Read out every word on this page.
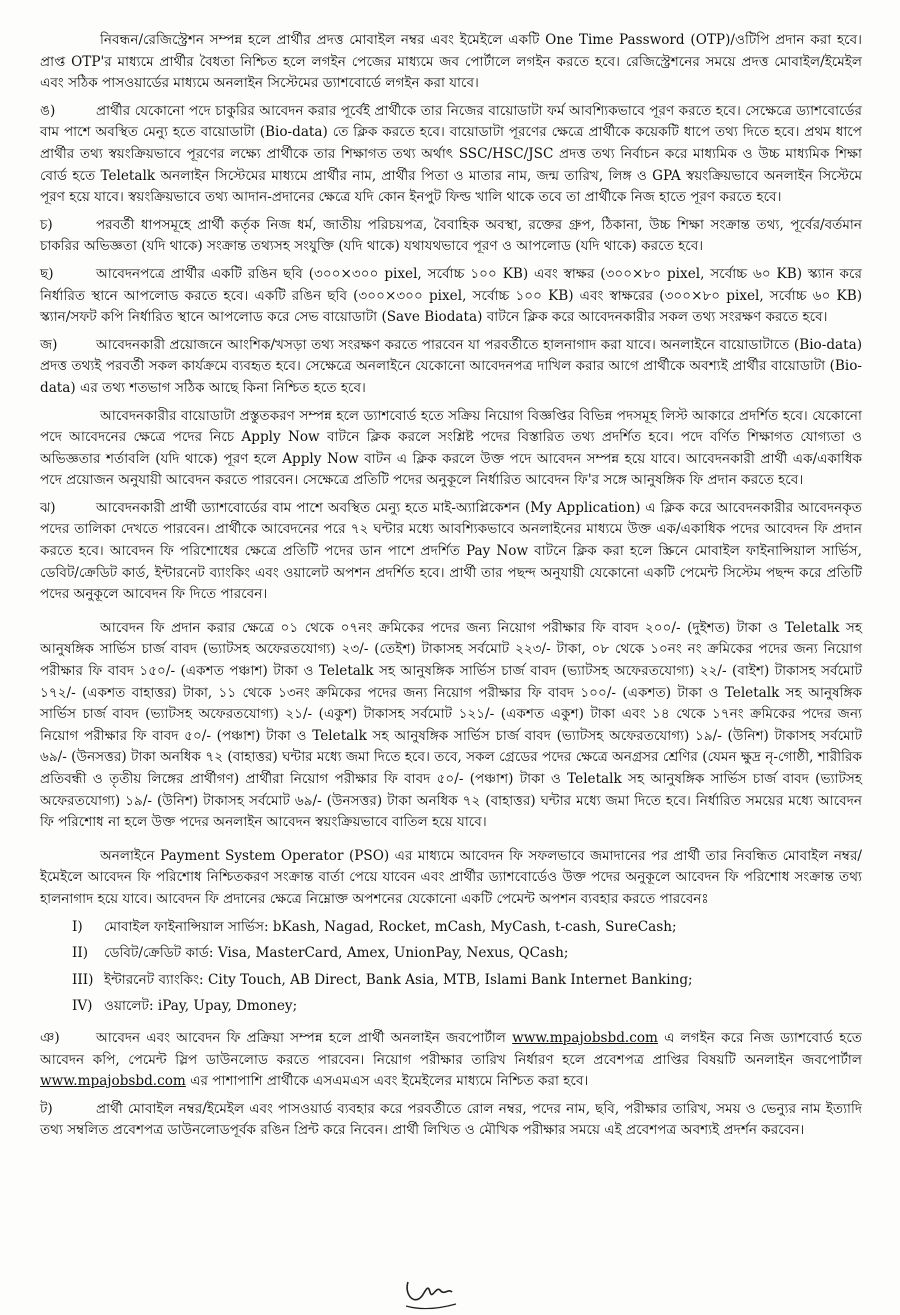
নিবন্ধন/রেজিস্ট্রেশন সম্পন্ন হলে প্রার্থীর প্রদত্ত মোবাইল নম্বর এবং ইমেইলে একটি One Time Password (OTP)/ওটিপি প্রদান করা হবে। প্রাপ্ত OTP'র মাধ্যমে প্রার্থীর বৈধতা নিশ্চিত হলে লগইন পেজের মাধ্যমে জব পোর্টালে লগইন করতে হবে। রেজিস্ট্রেশনের সময়ে প্রদত্ত মোবাইল/ইমেইল এবং সঠিক পাসওয়ার্ডের মাধ্যমে অনলাইন সিস্টেমের ড্যাশবোর্ডে লগইন করা যাবে।

ঙ)	প্রার্থীর যেকোনো পদে চাকুরির আবেদন করার পূর্বেই প্রার্থীকে তার নিজের বায়োডাটা ফর্ম আবশ্যিকভাবে পূরণ করতে হবে। সেক্ষেত্রে ড্যাশবোর্ডের বাম পাশে অবস্থিত মেন্যু হতে বায়োডাটা (Bio-data) তে ক্লিক করতে হবে। বায়োডাটা পূরণের ক্ষেত্রে প্রার্থীকে কয়েকটি ধাপে তথ্য দিতে হবে। প্রথম ধাপে প্রার্থীর তথ্য স্বয়ংক্রিয়ভাবে পূরণের লক্ষ্যে প্রার্থীকে তার শিক্ষাগত তথ্য অর্থাৎ SSC/HSC/JSC প্রদত্ত তথ্য নির্বাচন করে মাধ্যমিক ও উচ্চ মাধ্যমিক শিক্ষা বোর্ড হতে Teletalk অনলাইন সিস্টেমের মাধ্যমে প্রার্থীর নাম, প্রার্থীর পিতা ও মাতার নাম, জন্ম তারিখ, লিঙ্গ ও GPA স্বয়ংক্রিয়ভাবে অনলাইন সিস্টেমে পূরণ হয়ে যাবে। স্বয়ংক্রিয়ভাবে তথ্য আদান-প্রদানের ক্ষেত্রে যদি কোন ইনপুট ফিল্ড খালি থাকে তবে তা প্রার্থীকে নিজ হাতে পূরণ করতে হবে।

চ)	পরবর্তী ধাপসমূহে প্রার্থী কর্তৃক নিজ ধর্ম, জাতীয় পরিচয়পত্র, বৈবাহিক অবস্থা, রক্তের গ্রুপ, ঠিকানা, উচ্চ শিক্ষা সংক্রান্ত তথ্য, পূর্বের/বর্তমান চাকরির অভিজ্ঞতা (যদি থাকে) সংক্রান্ত তথ্যসহ সংযুক্তি (যদি থাকে) যথাযথভাবে পূরণ ও আপলোড (যদি থাকে) করতে হবে।

ছ)	আবেদনপত্রে প্রার্থীর একটি রঙিন ছবি (৩০০×৩০০ pixel, সর্বোচ্চ ১০০ KB) এবং স্বাক্ষর (৩০০×৮০ pixel, সর্বোচ্চ ৬০ KB) স্ক্যান করে নির্ধারিত স্থানে আপলোড করতে হবে। একটি রঙিন ছবি (৩০০×৩০০ pixel, সর্বোচ্চ ১০০ KB) এবং স্বাক্ষরের (৩০০×৮০ pixel, সর্বোচ্চ ৬০ KB) স্ক্যান/সফট কপি নির্ধারিত স্থানে আপলোড করে সেভ বায়োডাটা (Save Biodata) বাটনে ক্লিক করে আবেদনকারীর সকল তথ্য সংরক্ষণ করতে হবে।

জ)	আবেদনকারী প্রয়োজনে আংশিক/খসড়া তথ্য সংরক্ষণ করতে পারবেন যা পরবর্তীতে হালনাগাদ করা যাবে। অনলাইনে বায়োডাটাতে (Bio-data) প্রদত্ত তথ্যই পরবর্তী সকল কার্যক্রমে ব্যবহৃত হবে। সেক্ষেত্রে অনলাইনে যেকোনো আবেদনপত্র দাখিল করার আগে প্রার্থীকে অবশ্যই প্রার্থীর বায়োডাটা (Bio-data) এর তথ্য শতভাগ সঠিক আছে কিনা নিশ্চিত হতে হবে।

আবেদনকারীর বায়োডাটা প্রস্তুতকরণ সম্পন্ন হলে ড্যাশবোর্ড হতে সক্রিয় নিয়োগ বিজ্ঞপ্তির বিভিন্ন পদসমূহ লিস্ট আকারে প্রদর্শিত হবে। যেকোনো পদে আবেদনের ক্ষেত্রে পদের নিচে Apply Now বাটনে ক্লিক করলে সংশ্লিষ্ট পদের বিস্তারিত তথ্য প্রদর্শিত হবে। পদে বর্ণিত শিক্ষাগত যোগ্যতা ও অভিজ্ঞতার শর্তাবলি (যদি থাকে) পূরণ হলে Apply Now বাটন এ ক্লিক করলে উক্ত পদে আবেদন সম্পন্ন হয়ে যাবে। আবেদনকারী প্রার্থী এক/একাধিক পদে প্রয়োজন অনুযায়ী আবেদন করতে পারবেন। সেক্ষেত্রে প্রতিটি পদের অনুকূলে নির্ধারিত আবেদন ফি'র সঙ্গে আনুষঙ্গিক ফি প্রদান করতে হবে।

ঝ)	আবেদনকারী প্রার্থী ড্যাশবোর্ডের বাম পাশে অবস্থিত মেন্যু হতে মাই-অ্যাপ্লিকেশন (My Application) এ ক্লিক করে আবেদনকারীর আবেদনকৃত পদের তালিকা দেখতে পারবেন। প্রার্থীকে আবেদনের পরে ৭২ ঘন্টার মধ্যে আবশ্যিকভাবে অনলাইনের মাধ্যমে উক্ত এক/একাধিক পদের আবেদন ফি প্রদান করতে হবে। আবেদন ফি পরিশোধের ক্ষেত্রে প্রতিটি পদের ডান পাশে প্রদর্শিত Pay Now বাটনে ক্লিক করা হলে স্ক্রিনে মোবাইল ফাইনান্সিয়াল সার্ভিস, ডেবিট/ক্রেডিট কার্ড, ইন্টারনেট ব্যাংকিং এবং ওয়ালেট অপশন প্রদর্শিত হবে। প্রার্থী তার পছন্দ অনুযায়ী যেকোনো একটি পেমেন্ট সিস্টেম পছন্দ করে প্রতিটি পদের অনুকূলে আবেদন ফি দিতে পারবেন।

আবেদন ফি প্রদান করার ক্ষেত্রে ০১ থেকে ০৭নং ক্রমিকের পদের জন্য নিয়োগ পরীক্ষার ফি বাবদ ২০০/- (দুইশত) টাকা ও Teletalk সহ আনুষঙ্গিক সার্ভিস চার্জ বাবদ (ভ্যাটসহ অফেরতযোগ্য) ২৩/- (তেইশ) টাকাসহ সর্বমোট ২২৩/- টাকা, ০৮ থেকে ১০নং নং ক্রমিকের পদের জন্য নিয়োগ পরীক্ষার ফি বাবদ ১৫০/- (একশত পঞ্চাশ) টাকা ও Teletalk সহ আনুষঙ্গিক সার্ভিস চার্জ বাবদ (ভ্যাটসহ অফেরতযোগ্য) ২২/- (বাইশ) টাকাসহ সর্বমোট ১৭২/- (একশত বাহাত্তর) টাকা, ১১ থেকে ১৩নং ক্রমিকের পদের জন্য নিয়োগ পরীক্ষার ফি বাবদ ১০০/- (একশত) টাকা ও Teletalk সহ আনুষঙ্গিক সার্ভিস চার্জ বাবদ (ভ্যাটসহ অফেরতযোগ্য) ২১/- (একুশ) টাকাসহ সর্বমোট ১২১/- (একশত একুশ) টাকা এবং ১৪ থেকে ১৭নং ক্রমিকের পদের জন্য নিয়োগ পরীক্ষার ফি বাবদ ৫০/- (পঞ্চাশ) টাকা ও Teletalk সহ আনুষঙ্গিক সার্ভিস চার্জ বাবদ (ভ্যাটসহ অফেরতযোগ্য) ১৯/- (উনিশ) টাকাসহ সর্বমোট ৬৯/- (উনসত্তর) টাকা অনধিক ৭২ (বাহাত্তর) ঘন্টার মধ্যে জমা দিতে হবে। তবে, সকল গ্রেডের পদের ক্ষেত্রে অনগ্রসর শ্রেণির (যেমন ক্ষুদ্র নৃ-গোষ্ঠী, শারীরিক প্রতিবন্ধী ও তৃতীয় লিঙ্গের প্রার্থীগণ) প্রার্থীরা নিয়োগ পরীক্ষার ফি বাবদ ৫০/- (পঞ্চাশ) টাকা ও Teletalk সহ আনুষঙ্গিক সার্ভিস চার্জ বাবদ (ভ্যাটসহ অফেরতযোগ্য) ১৯/- (উনিশ) টাকাসহ সর্বমোট ৬৯/- (উনসত্তর) টাকা অনধিক ৭২ (বাহাত্তর) ঘন্টার মধ্যে জমা দিতে হবে। নির্ধারিত সময়ের মধ্যে আবেদন ফি পরিশোধ না হলে উক্ত পদের অনলাইন আবেদন স্বয়ংক্রিয়ভাবে বাতিল হয়ে যাবে।

অনলাইনে Payment System Operator (PSO) এর মাধ্যমে আবেদন ফি সফলভাবে জমাদানের পর প্রার্থী তার নিবন্ধিত মোবাইল নম্বর/ইমেইলে আবেদন ফি পরিশোধ নিশ্চিতকরণ সংক্রান্ত বার্তা পেয়ে যাবেন এবং প্রার্থীর ড্যাশবোর্ডেও উক্ত পদের অনুকূলে আবেদন ফি পরিশোধ সংক্রান্ত তথ্য হালনাগাদ হয়ে যাবে। আবেদন ফি প্রদানের ক্ষেত্রে নিম্নোক্ত অপশনের যেকোনো একটি পেমেন্ট অপশন ব্যবহার করতে পারবেনঃ

I)	মোবাইল ফাইনান্সিয়াল সার্ভিস: bKash, Nagad, Rocket, mCash, MyCash, t-cash, SureCash;
II)	ডেবিট/ক্রেডিট কার্ড: Visa, MasterCard, Amex, UnionPay, Nexus, QCash;
III) ইন্টারনেট ব্যাংকিং: City Touch, AB Direct, Bank Asia, MTB, Islami Bank Internet Banking;
IV) ওয়ালেট: iPay, Upay, Dmoney;

ঞ)	আবেদন এবং আবেদন ফি প্রক্রিয়া সম্পন্ন হলে প্রার্থী অনলাইন জবপোর্টাল www.mpajobsbd.com এ লগইন করে নিজ ড্যাশবোর্ড হতে আবেদন কপি, পেমেন্ট স্লিপ ডাউনলোড করতে পারবেন। নিয়োগ পরীক্ষার তারিখ নির্ধারণ হলে প্রবেশপত্র প্রাপ্তির বিষয়টি অনলাইন জবপোর্টাল www.mpajobsbd.com এর পাশাপাশি প্রার্থীকে এসএমএস এবং ইমেইলের মাধ্যমে নিশ্চিত করা হবে।

ট)	প্রার্থী মোবাইল নম্বর/ইমেইল এবং পাসওয়ার্ড ব্যবহার করে পরবর্তীতে রোল নম্বর, পদের নাম, ছবি, পরীক্ষার তারিখ, সময় ও ভেন্যুর নাম ইত্যাদি তথ্য সম্বলিত প্রবেশপত্র ডাউনলোডপূর্বক রঙিন প্রিন্ট করে নিবেন। প্রার্থী লিখিত ও মৌখিক পরীক্ষার সময়ে এই প্রবেশপত্র অবশ্যই প্রদর্শন করবেন।
